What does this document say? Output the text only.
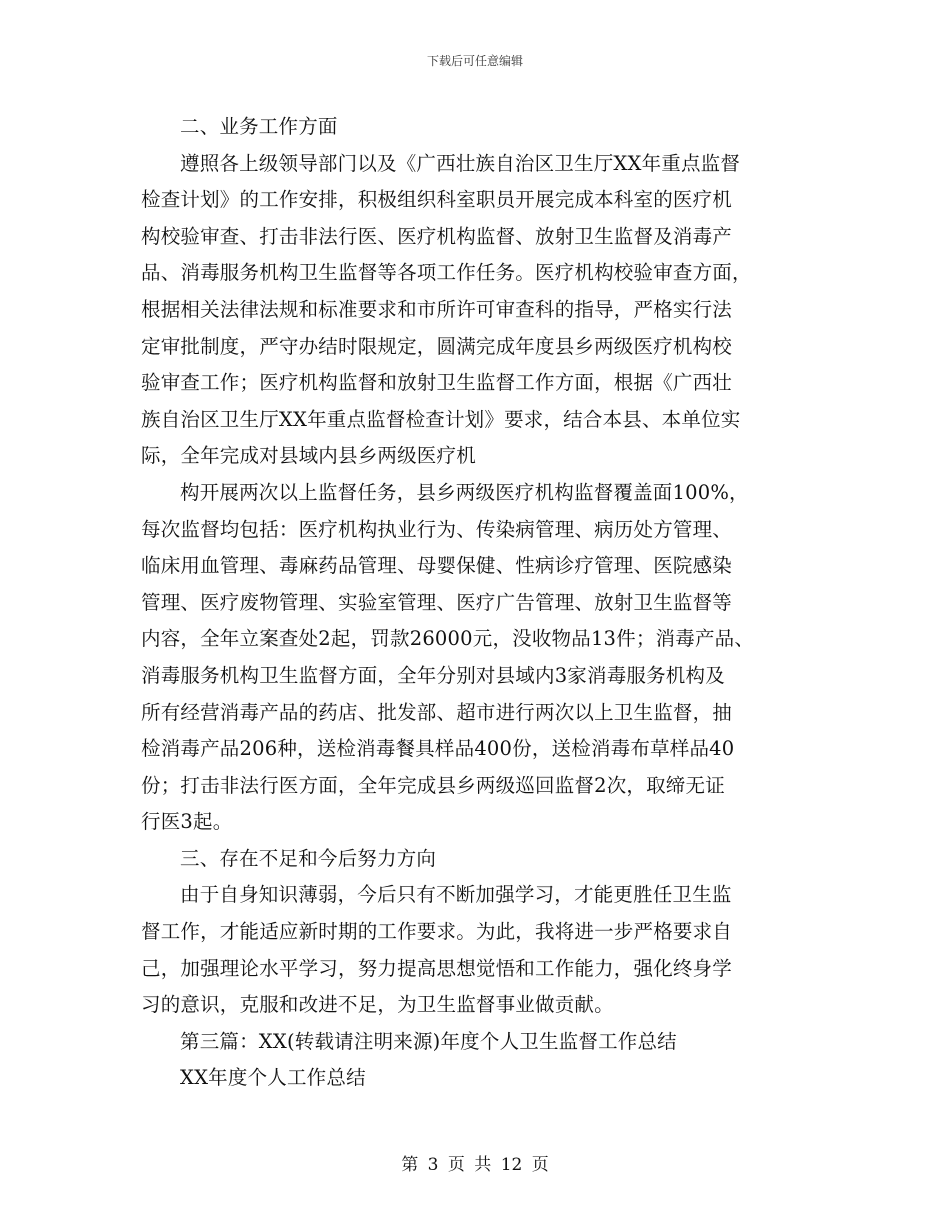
下载后可任意编辑
二、业务工作方面
遵照各上级领导部门以及《广西壮族自治区卫生厅XX年重点监督
检查计划》的工作安排，积极组织科室职员开展完成本科室的医疗机
构校验审查、打击非法行医、医疗机构监督、放射卫生监督及消毒产
品、消毒服务机构卫生监督等各项工作任务。医疗机构校验审查方面，
根据相关法律法规和标准要求和市所许可审查科的指导，严格实行法
定审批制度，严守办结时限规定，圆满完成年度县乡两级医疗机构校
验审查工作；医疗机构监督和放射卫生监督工作方面，根据《广西壮
族自治区卫生厅XX年重点监督检查计划》要求，结合本县、本单位实
际，全年完成对县域内县乡两级医疗机
构开展两次以上监督任务，县乡两级医疗机构监督覆盖面100%，
每次监督均包括：医疗机构执业行为、传染病管理、病历处方管理、
临床用血管理、毒麻药品管理、母婴保健、性病诊疗管理、医院感染
管理、医疗废物管理、实验室管理、医疗广告管理、放射卫生监督等
内容，全年立案查处2起，罚款26000元，没收物品13件；消毒产品、
消毒服务机构卫生监督方面，全年分别对县域内3家消毒服务机构及
所有经营消毒产品的药店、批发部、超市进行两次以上卫生监督，抽
检消毒产品206种，送检消毒餐具样品400份，送检消毒布草样品40
份；打击非法行医方面，全年完成县乡两级巡回监督2次，取缔无证
行医3起。
三、存在不足和今后努力方向
由于自身知识薄弱，今后只有不断加强学习，才能更胜任卫生监
督工作，才能适应新时期的工作要求。为此，我将进一步严格要求自
己，加强理论水平学习，努力提高思想觉悟和工作能力，强化终身学
习的意识，克服和改进不足，为卫生监督事业做贡献。
第三篇：XX(转载请注明来源)年度个人卫生监督工作总结
XX年度个人工作总结
第 3 页 共 12 页
